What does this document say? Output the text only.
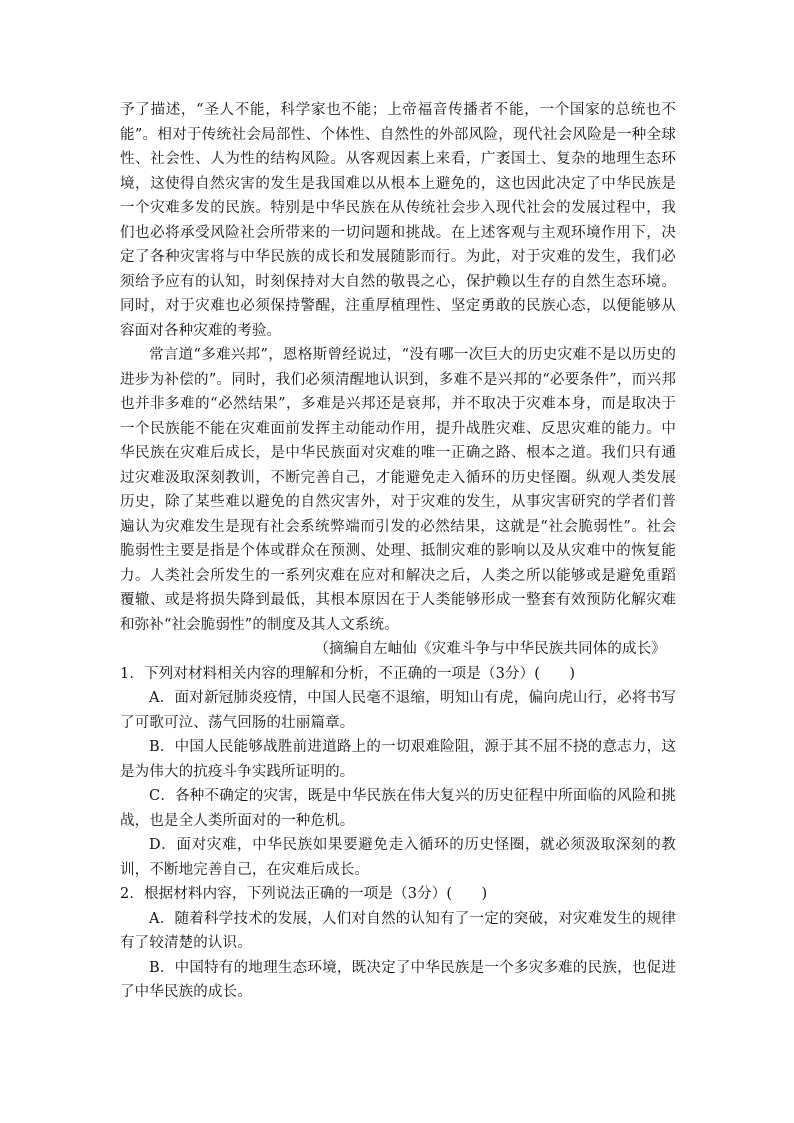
予了描述，“圣人不能，科学家也不能；上帝福音传播者不能，一个国家的总统也不能”。相对于传统社会局部性、个体性、自然性的外部风险，现代社会风险是一种全球性、社会性、人为性的结构风险。从客观因素上来看，广袤国土、复杂的地理生态环境，这使得自然灾害的发生是我国难以从根本上避免的，这也因此决定了中华民族是一个灾难多发的民族。特别是中华民族在从传统社会步入现代社会的发展过程中，我们也必将承受风险社会所带来的一切问题和挑战。在上述客观与主观环境作用下，决定了各种灾害将与中华民族的成长和发展随影而行。为此，对于灾难的发生，我们必须给予应有的认知，时刻保持对大自然的敬畏之心，保护赖以生存的自然生态环境。同时，对于灾难也必须保持警醒，注重厚植理性、坚定勇敢的民族心态，以便能够从容面对各种灾难的考验。

常言道“多难兴邦”，恩格斯曾经说过，“没有哪一次巨大的历史灾难不是以历史的进步为补偿的”。同时，我们必须清醒地认识到，多难不是兴邦的“必要条件”，而兴邦也并非多难的“必然结果”，多难是兴邦还是衰邦，并不取决于灾难本身，而是取决于一个民族能不能在灾难面前发挥主动能动作用，提升战胜灾难、反思灾难的能力。中华民族在灾难后成长，是中华民族面对灾难的唯一正确之路、根本之道。我们只有通过灾难汲取深刻教训，不断完善自己，才能避免走入循环的历史怪圈。纵观人类发展历史，除了某些难以避免的自然灾害外，对于灾难的发生，从事灾害研究的学者们普遍认为灾难发生是现有社会系统弊端而引发的必然结果，这就是“社会脆弱性”。社会脆弱性主要是指是个体或群众在预测、处理、抵制灾难的影响以及从灾难中的恢复能力。人类社会所发生的一系列灾难在应对和解决之后，人类之所以能够或是避免重蹈覆辙、或是将损失降到最低，其根本原因在于人类能够形成一整套有效预防化解灾难和弥补“社会脆弱性”的制度及其人文系统。

（摘编自左岫仙《灾难斗争与中华民族共同体的成长》

1．下列对材料相关内容的理解和分析，不正确的一项是（3分）(　　)

A．面对新冠肺炎疫情，中国人民毫不退缩，明知山有虎，偏向虎山行，必将书写了可歌可泣、荡气回肠的壮丽篇章。

B．中国人民能够战胜前进道路上的一切艰难险阻，源于其不屈不挠的意志力，这是为伟大的抗疫斗争实践所证明的。

C．各种不确定的灾害，既是中华民族在伟大复兴的历史征程中所面临的风险和挑战，也是全人类所面对的一种危机。

D．面对灾难，中华民族如果要避免走入循环的历史怪圈，就必须汲取深刻的教训，不断地完善自己，在灾难后成长。

2．根据材料内容，下列说法正确的一项是（3分）(　　)

A．随着科学技术的发展，人们对自然的认知有了一定的突破，对灾难发生的规律有了较清楚的认识。

B．中国特有的地理生态环境，既决定了中华民族是一个多灾多难的民族，也促进了中华民族的成长。
